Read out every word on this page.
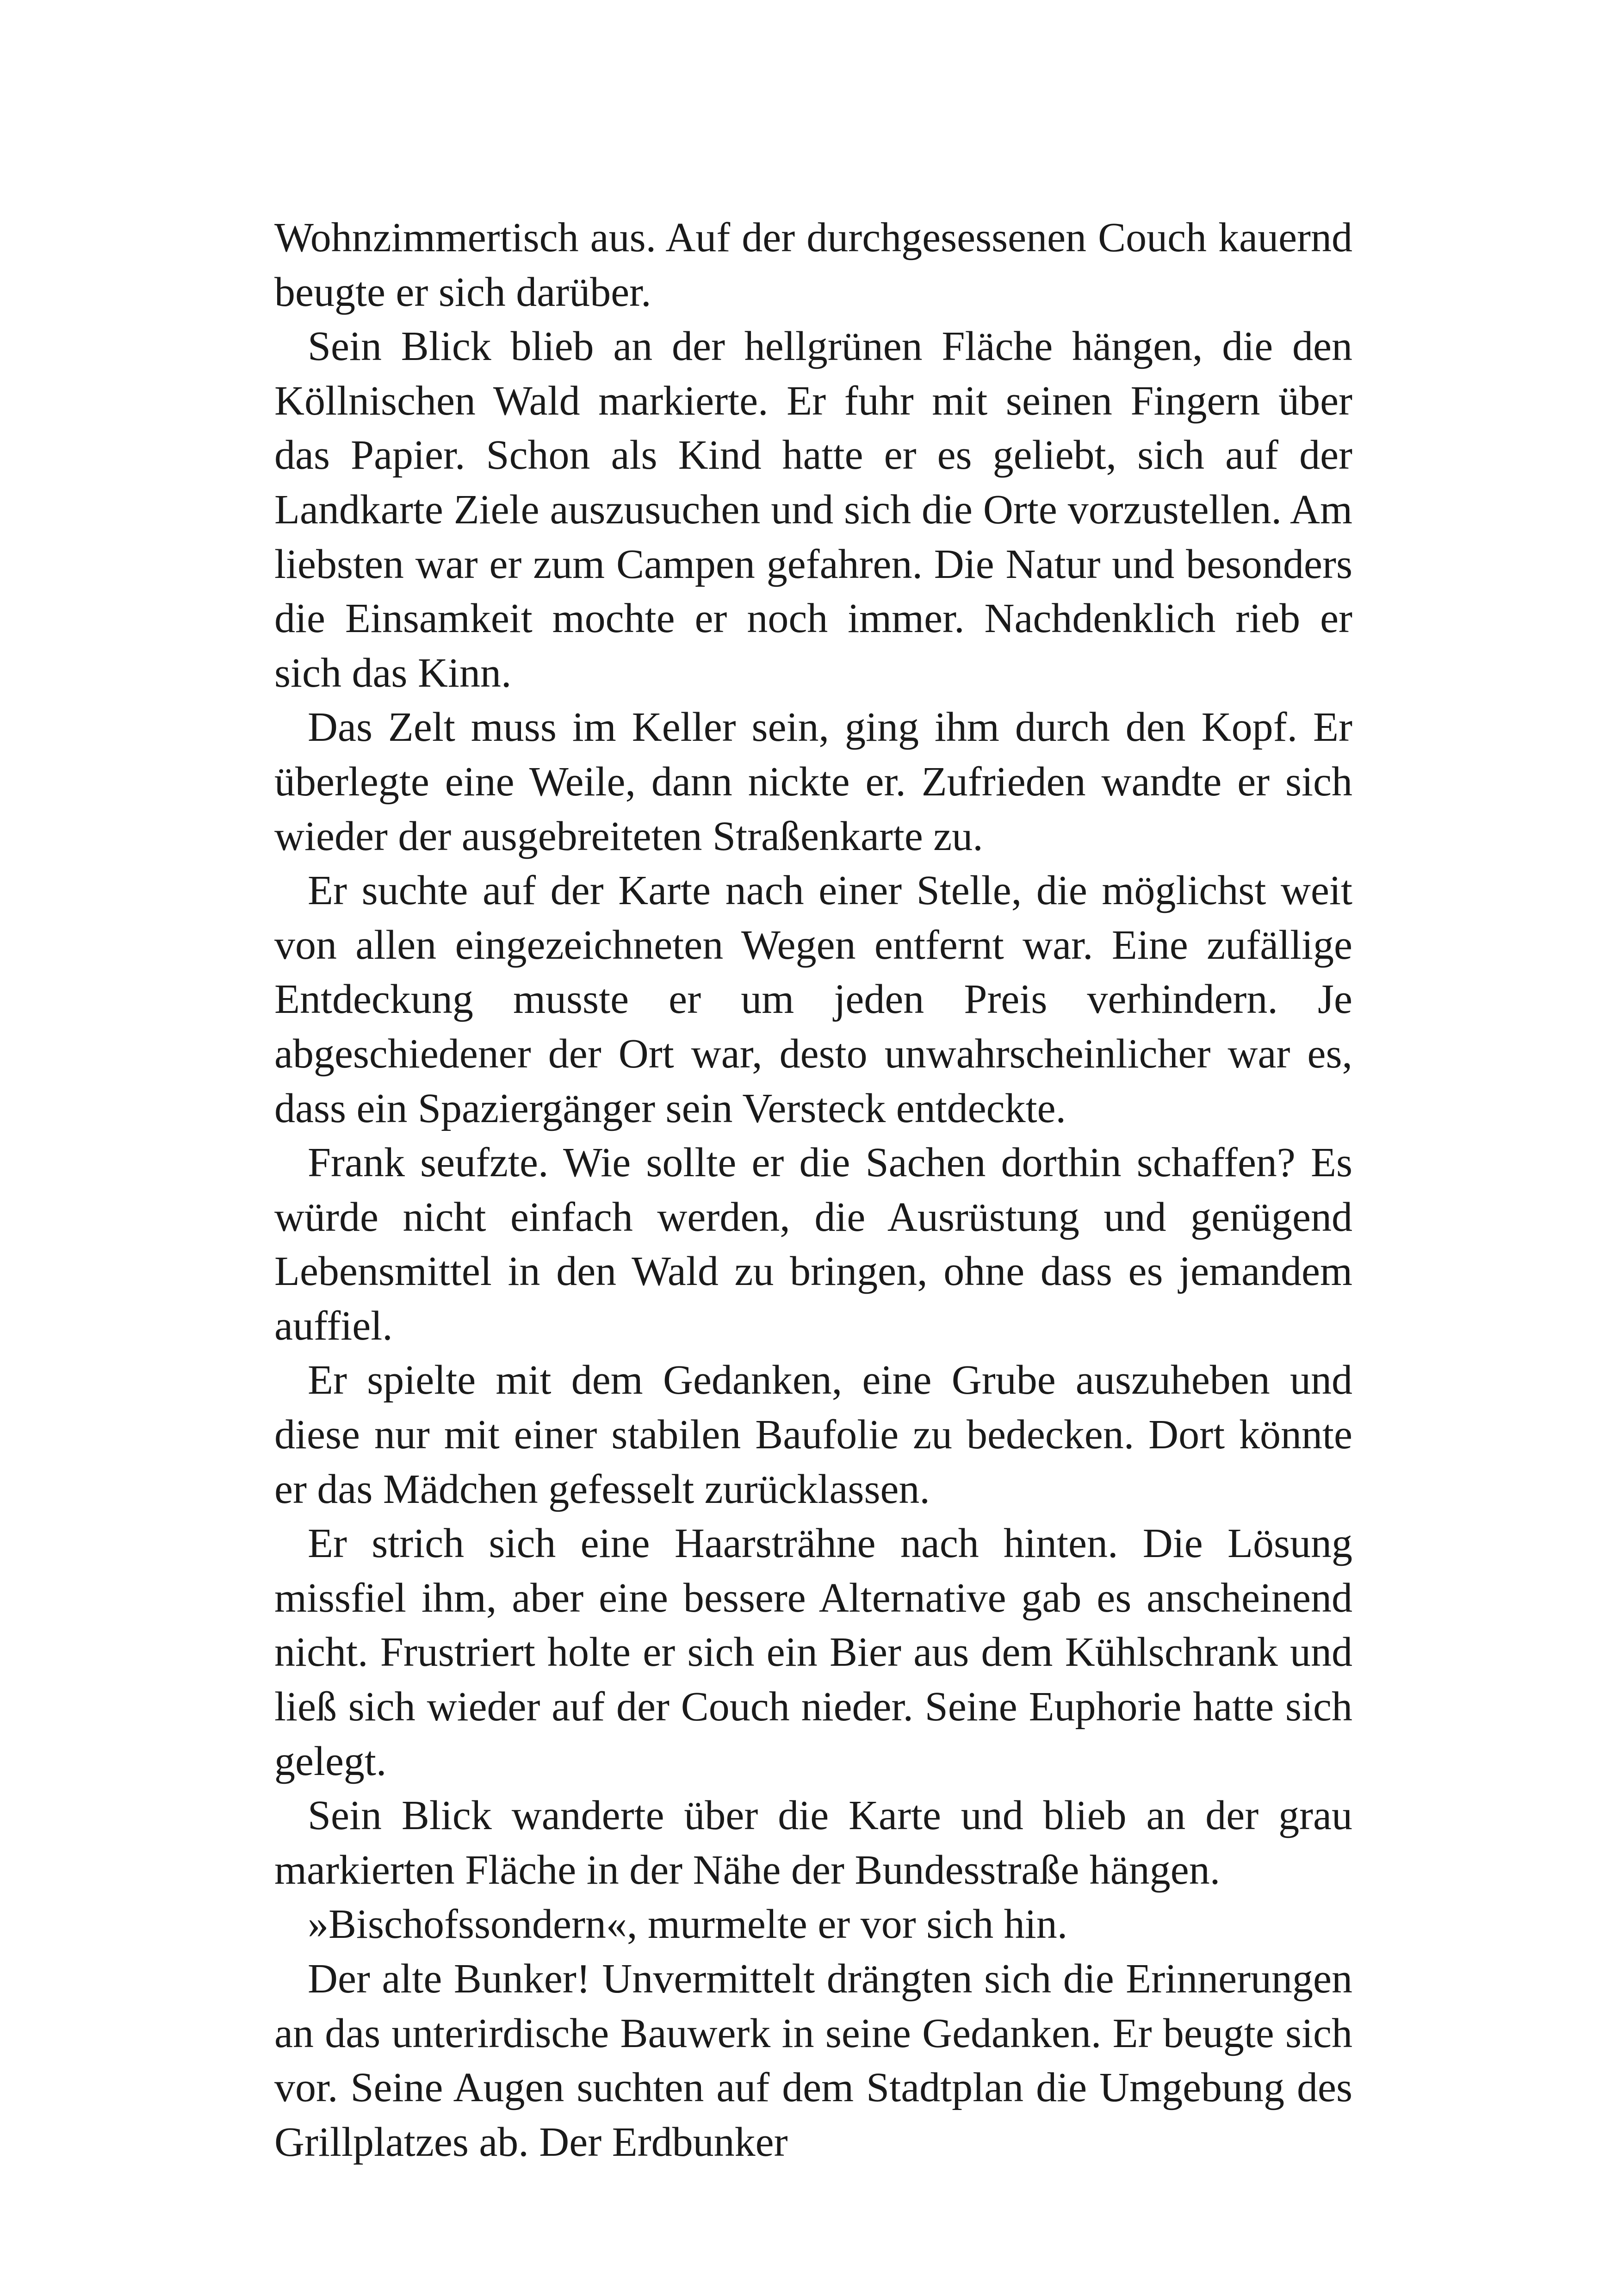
Wohnzimmertisch aus. Auf der durchgesessenen Couch kauernd beugte er sich darüber.

Sein Blick blieb an der hellgrünen Fläche hängen, die den Köllnischen Wald markierte. Er fuhr mit seinen Fingern über das Papier. Schon als Kind hatte er es geliebt, sich auf der Landkarte Ziele auszusuchen und sich die Orte vorzustellen. Am liebsten war er zum Campen gefahren. Die Natur und besonders die Einsamkeit mochte er noch immer. Nachdenklich rieb er sich das Kinn.

Das Zelt muss im Keller sein, ging ihm durch den Kopf. Er überlegte eine Weile, dann nickte er. Zufrieden wandte er sich wieder der ausgebreiteten Straßenkarte zu.

Er suchte auf der Karte nach einer Stelle, die möglichst weit von allen eingezeichneten Wegen entfernt war. Eine zufällige Entdeckung musste er um jeden Preis verhindern. Je abgeschiedener der Ort war, desto unwahrscheinlicher war es, dass ein Spaziergänger sein Versteck entdeckte.

Frank seufzte. Wie sollte er die Sachen dorthin schaffen? Es würde nicht einfach werden, die Ausrüstung und genügend Lebensmittel in den Wald zu bringen, ohne dass es jemandem auffiel.

Er spielte mit dem Gedanken, eine Grube auszuheben und diese nur mit einer stabilen Baufolie zu bedecken. Dort könnte er das Mädchen gefesselt zurücklassen.

Er strich sich eine Haarsträhne nach hinten. Die Lösung missfiel ihm, aber eine bessere Alternative gab es anscheinend nicht. Frustriert holte er sich ein Bier aus dem Kühlschrank und ließ sich wieder auf der Couch nieder. Seine Euphorie hatte sich gelegt.

Sein Blick wanderte über die Karte und blieb an der grau markierten Fläche in der Nähe der Bundesstraße hängen.

»Bischofssondern«, murmelte er vor sich hin.

Der alte Bunker! Unvermittelt drängten sich die Erinnerungen an das unterirdische Bauwerk in seine Gedanken. Er beugte sich vor. Seine Augen suchten auf dem Stadtplan die Umgebung des Grillplatzes ab. Der Erdbunker
